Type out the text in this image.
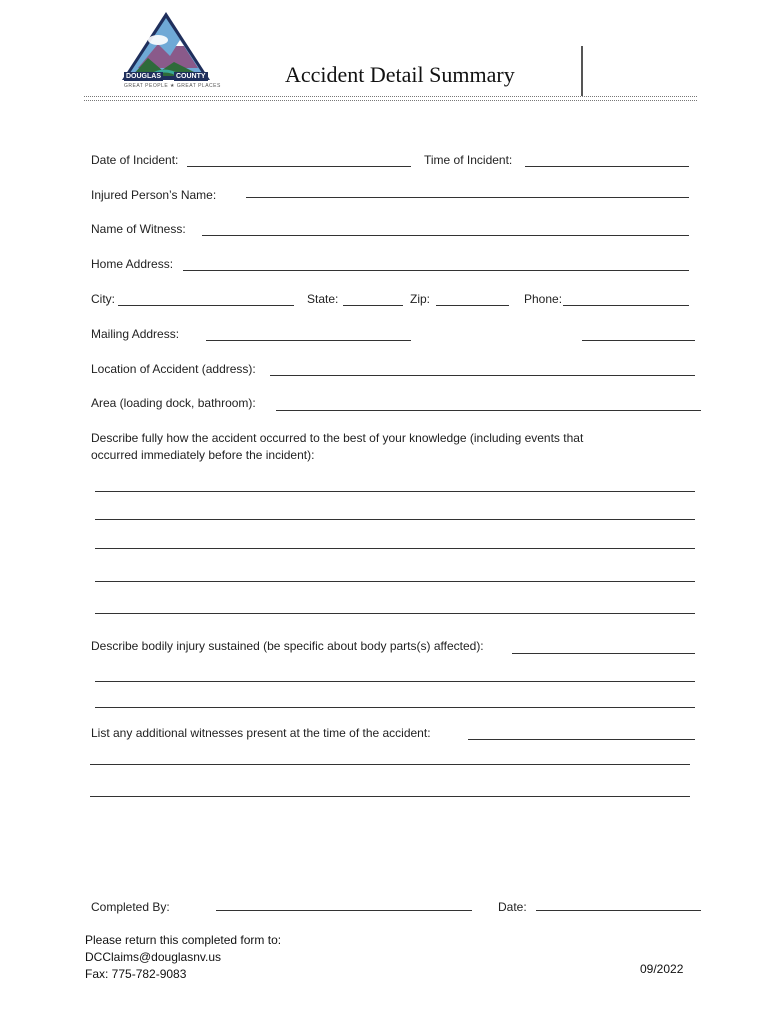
DOUGLAS COUNTY
GREAT PEOPLE ★ GREAT PLACES	Accident Detail Summary
Date of Incident:	Time of Incident:
Injured Person’s Name:
Name of Witness:
Home Address:
City:	State:	Zip:	Phone:
Mailing Address:
Location of Accident (address):
Area (loading dock, bathroom):
Describe fully how the accident occurred to the best of your knowledge (including events that
occurred immediately before the incident):
Describe bodily injury sustained (be specific about body parts(s) affected):
List any additional witnesses present at the time of the accident:
Completed By:	Date:
Please return this completed form to:
DCClaims@douglasnv.us
Fax: 775-782-9083	09/2022
